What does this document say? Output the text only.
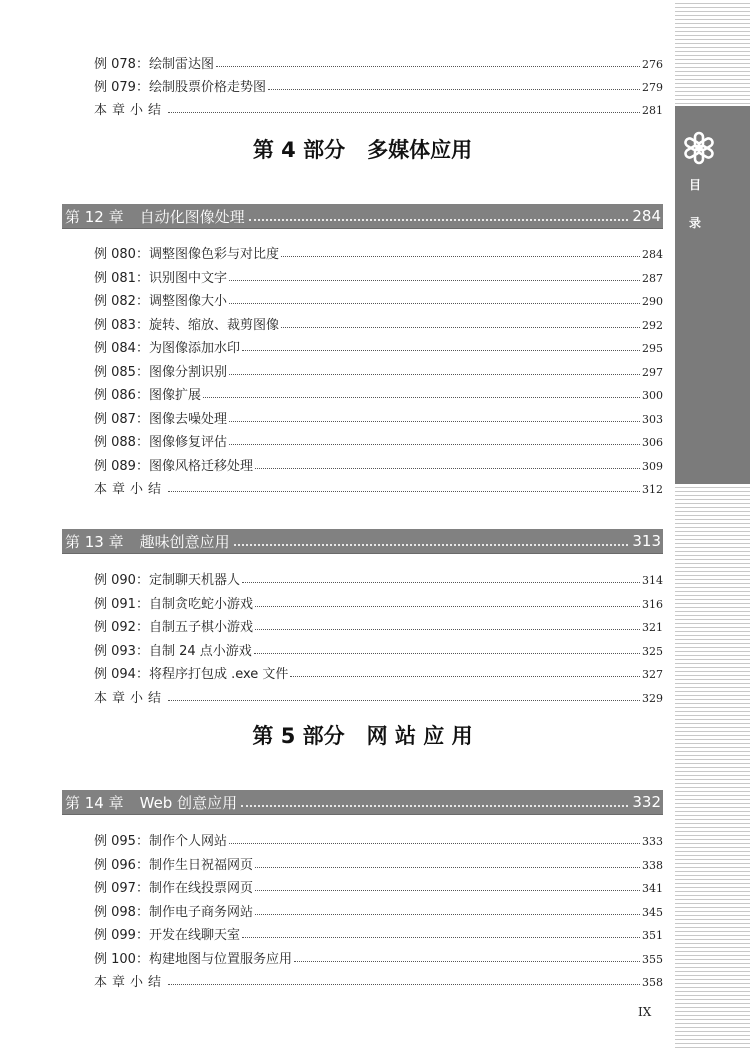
目
录
例 078： 绘制雷达图	276
例 079： 绘制股票价格走势图	279
本章小结	281
第 4 部分 多媒体应用
第 12 章 自动化图像处理	284
例 080： 调整图像色彩与对比度	284
例 081： 识别图中文字	287
例 082： 调整图像大小	290
例 083： 旋转、缩放、裁剪图像	292
例 084： 为图像添加水印	295
例 085： 图像分割识别	297
例 086： 图像扩展	300
例 087： 图像去噪处理	303
例 088： 图像修复评估	306
例 089： 图像风格迁移处理	309
本章小结	312
第 13 章 趣味创意应用	313
例 090： 定制聊天机器人	314
例 091： 自制贪吃蛇小游戏	316
例 092： 自制五子棋小游戏	321
例 093： 自制 24 点小游戏	325
例 094： 将程序打包成 .exe 文件	327
本章小结	329
第 5 部分 网 站 应 用
第 14 章 Web 创意应用	332
例 095： 制作个人网站	333
例 096： 制作生日祝福网页	338
例 097： 制作在线投票网页	341
例 098： 制作电子商务网站	345
例 099： 开发在线聊天室	351
例 100： 构建地图与位置服务应用	355
本章小结	358
IX
